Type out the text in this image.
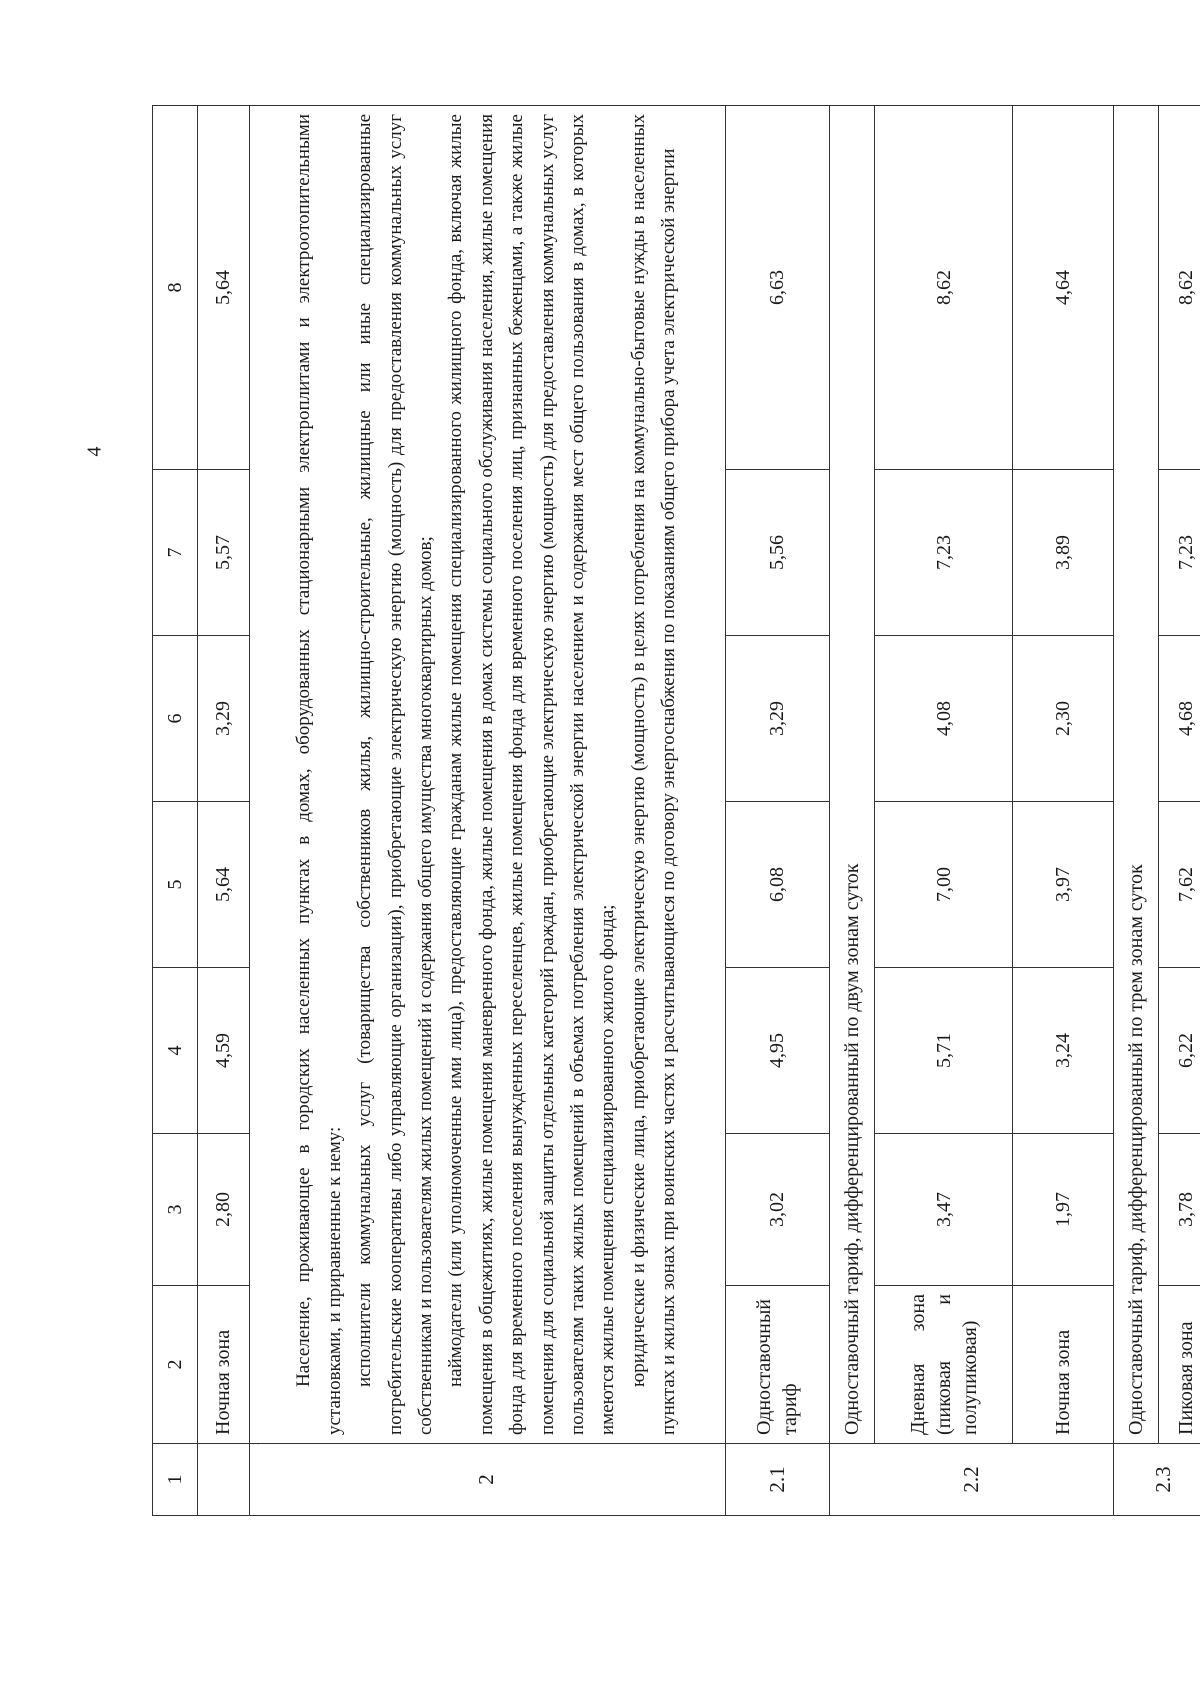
4
· ·
1	2	3	4	5	6	7	8
	Ночная зона	2,80	4,59	5,64	3,29	5,57	5,64
2	Население, проживающее в городских населенных пунктах в домах, оборудованных стационарными электроплитами и электроотопительными установками, и приравненные к нему: исполнители коммунальных услуг (товарищества собственников жилья, жилищно-строительные, жилищные или иные специализированные потребительские кооперативы либо управляющие организации), приобретающие электрическую энергию (мощность) для предоставления коммунальных услуг собственникам и пользователям жилых помещений и содержания общего имущества многоквартирных домов; наймодатели (или уполномоченные ими лица), предоставляющие гражданам жилые помещения специализированного жилищного фонда, включая жилые помещения в общежитиях, жилые помещения маневренного фонда, жилые помещения в домах системы социального обслуживания населения, жилые помещения фонда для временного поселения вынужденных переселенцев, жилые помещения фонда для временного поселения лиц, признанных беженцами, а также жилые помещения для социальной защиты отдельных категорий граждан, приобретающие электрическую энергию (мощность) для предоставления коммунальных услуг пользователям таких жилых помещений в объемах потребления электрической энергии населением и содержания мест общего пользования в домах, в которых имеются жилые помещения специализированного жилого фонда; юридические и физические лица, приобретающие электрическую энергию (мощность) в целях потребления на коммунально-бытовые нужды в населенных пунктах и жилых зонах при воинских частях и рассчитывающиеся по договору энергоснабжения по показаниям общего прибора учета электрической энергии						

2.1	Одноставочный тариф	3,02	4,95	6,08	3,29	5,56	6,63
2.2	Одноставочный тариф, дифференцированный по двум зонам суток						
	Дневная зона (пиковая и полупиковая)	3,47	5,71	7,00	4,08	7,23	8,62
	Ночная зона	1,97	3,24	3,97	2,30	3,89	4,64
2.3	Одноставочный тариф, дифференцированный по трем зонам суток						
	Пиковая зона	3,78	6,22	7,62	4,68	7,23	8,62
